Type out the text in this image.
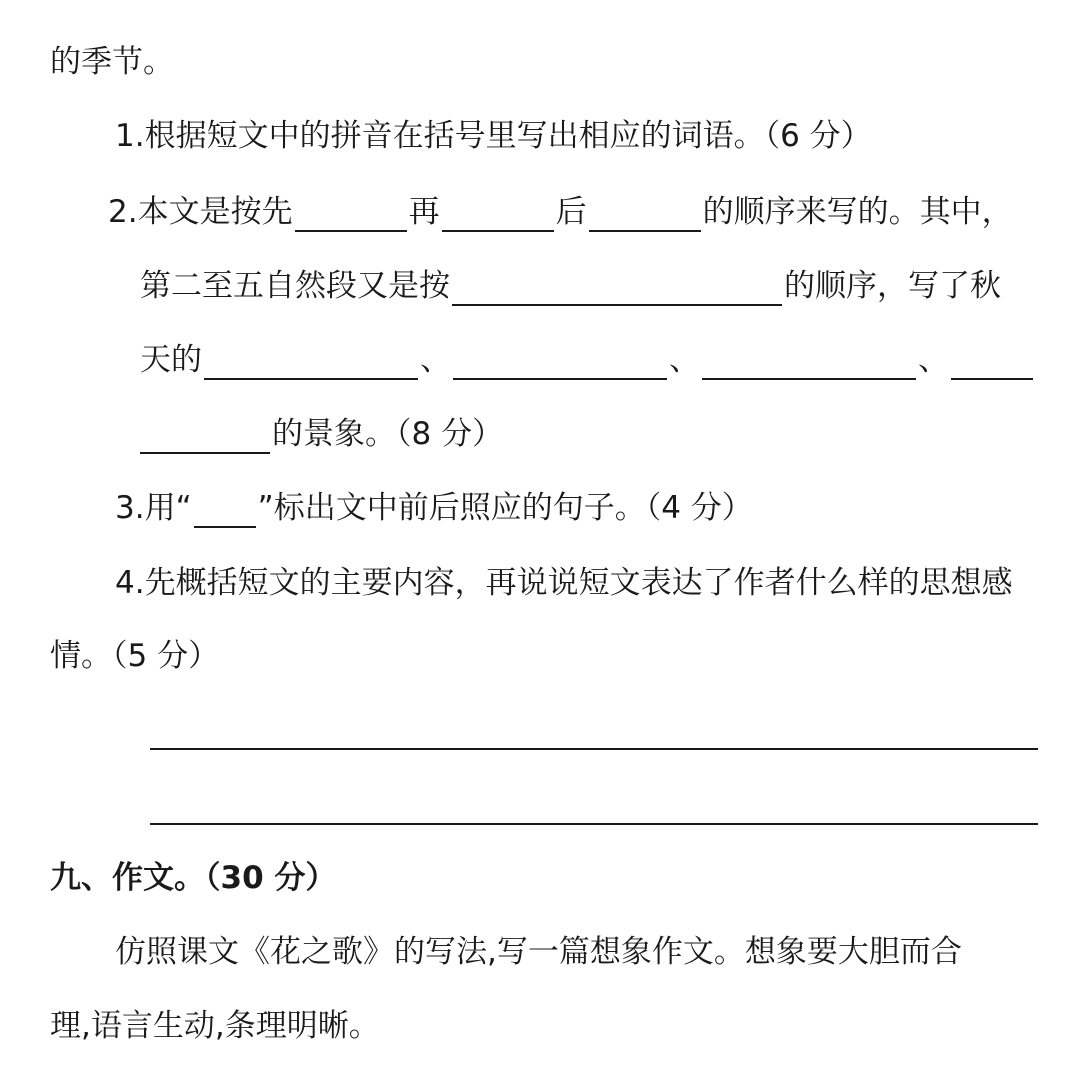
的季节。
1.根据短文中的拼音在括号里写出相应的词语。（6 分）
2.本文是按先	再	后	的顺序来写的。其中，
第二至五自然段又是按	的顺序，写了秋
天的	、	、	、
的景象。（8 分）
3.用“ ”标出文中前后照应的句子。（4 分）
4.先概括短文的主要内容，再说说短文表达了作者什么样的思想感
情。（5 分）
九、作文。（30 分）
仿照课文《花之歌》的写法,写一篇想象作文。想象要大胆而合
理,语言生动,条理明晰。
